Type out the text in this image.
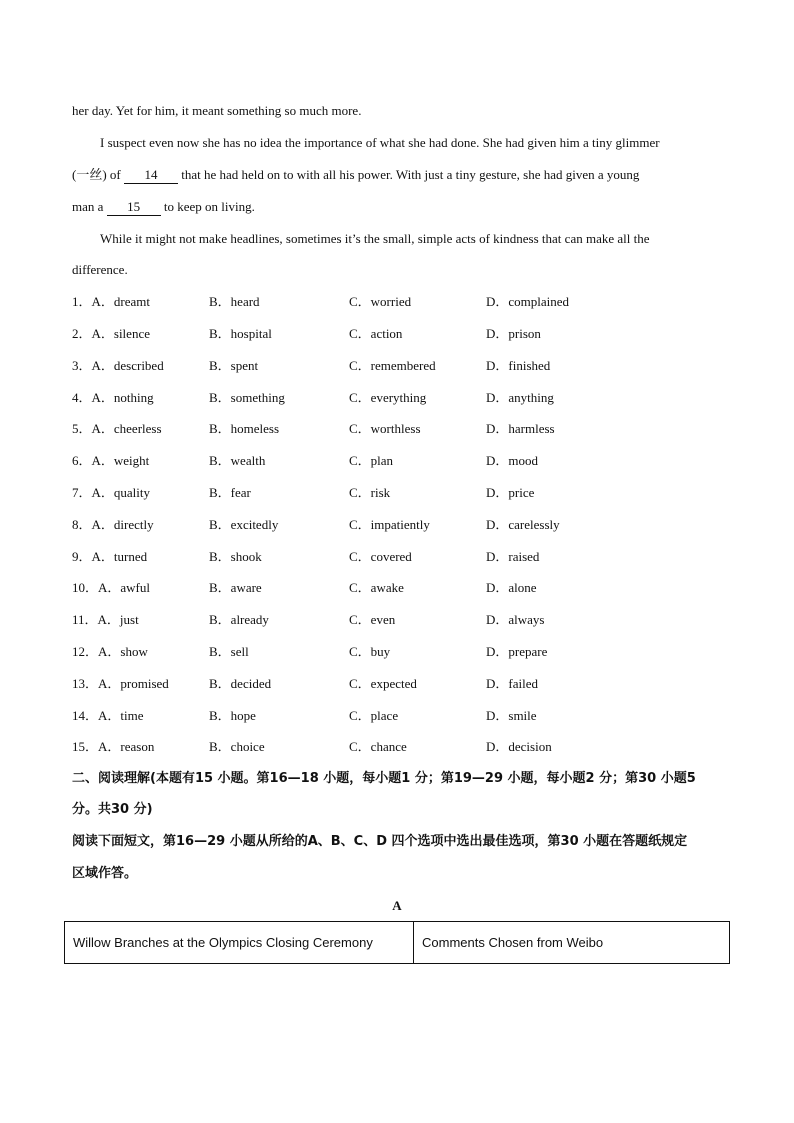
her day. Yet for him, it meant something so much more.
I suspect even now she has no idea the importance of what she had done. She had given him a tiny glimmer
(一丝) of 14 that he had held on to with all his power. With just a tiny gesture, she had given a young
man a 15 to keep on living.
While it might not make headlines, sometimes it’s the small, simple acts of kindness that can make all the
difference.
1．A．dreamt	B．heard	C．worried	D．complained
2．A．silence	B．hospital	C．action	D．prison
3．A．described	B．spent	C．remembered	D．finished
4．A．nothing	B．something	C．everything	D．anything
5．A．cheerless	B．homeless	C．worthless	D．harmless
6．A．weight	B．wealth	C．plan	D．mood
7．A．quality	B．fear	C．risk	D．price
8．A．directly	B．excitedly	C．impatiently	D．carelessly
9．A．turned	B．shook	C．covered	D．raised
10．A．awful	B．aware	C．awake	D．alone
11．A．just	B．already	C．even	D．always
12．A．show	B．sell	C．buy	D．prepare
13．A．promised	B．decided	C．expected	D．failed
14．A．time	B．hope	C．place	D．smile
15．A．reason	B．choice	C．chance	D．decision
二、阅读理解(本题有15 小题。第16—18 小题，每小题1 分；第19—29 小题，每小题2 分；第30 小题5
分。共30 分)
阅读下面短文，第16—29 小题从所给的A、B、C、D 四个选项中选出最佳选项，第30 小题在答题纸规定
区域作答。
A
Willow Branches at the Olympics Closing Ceremony	Comments Chosen from Weibo
